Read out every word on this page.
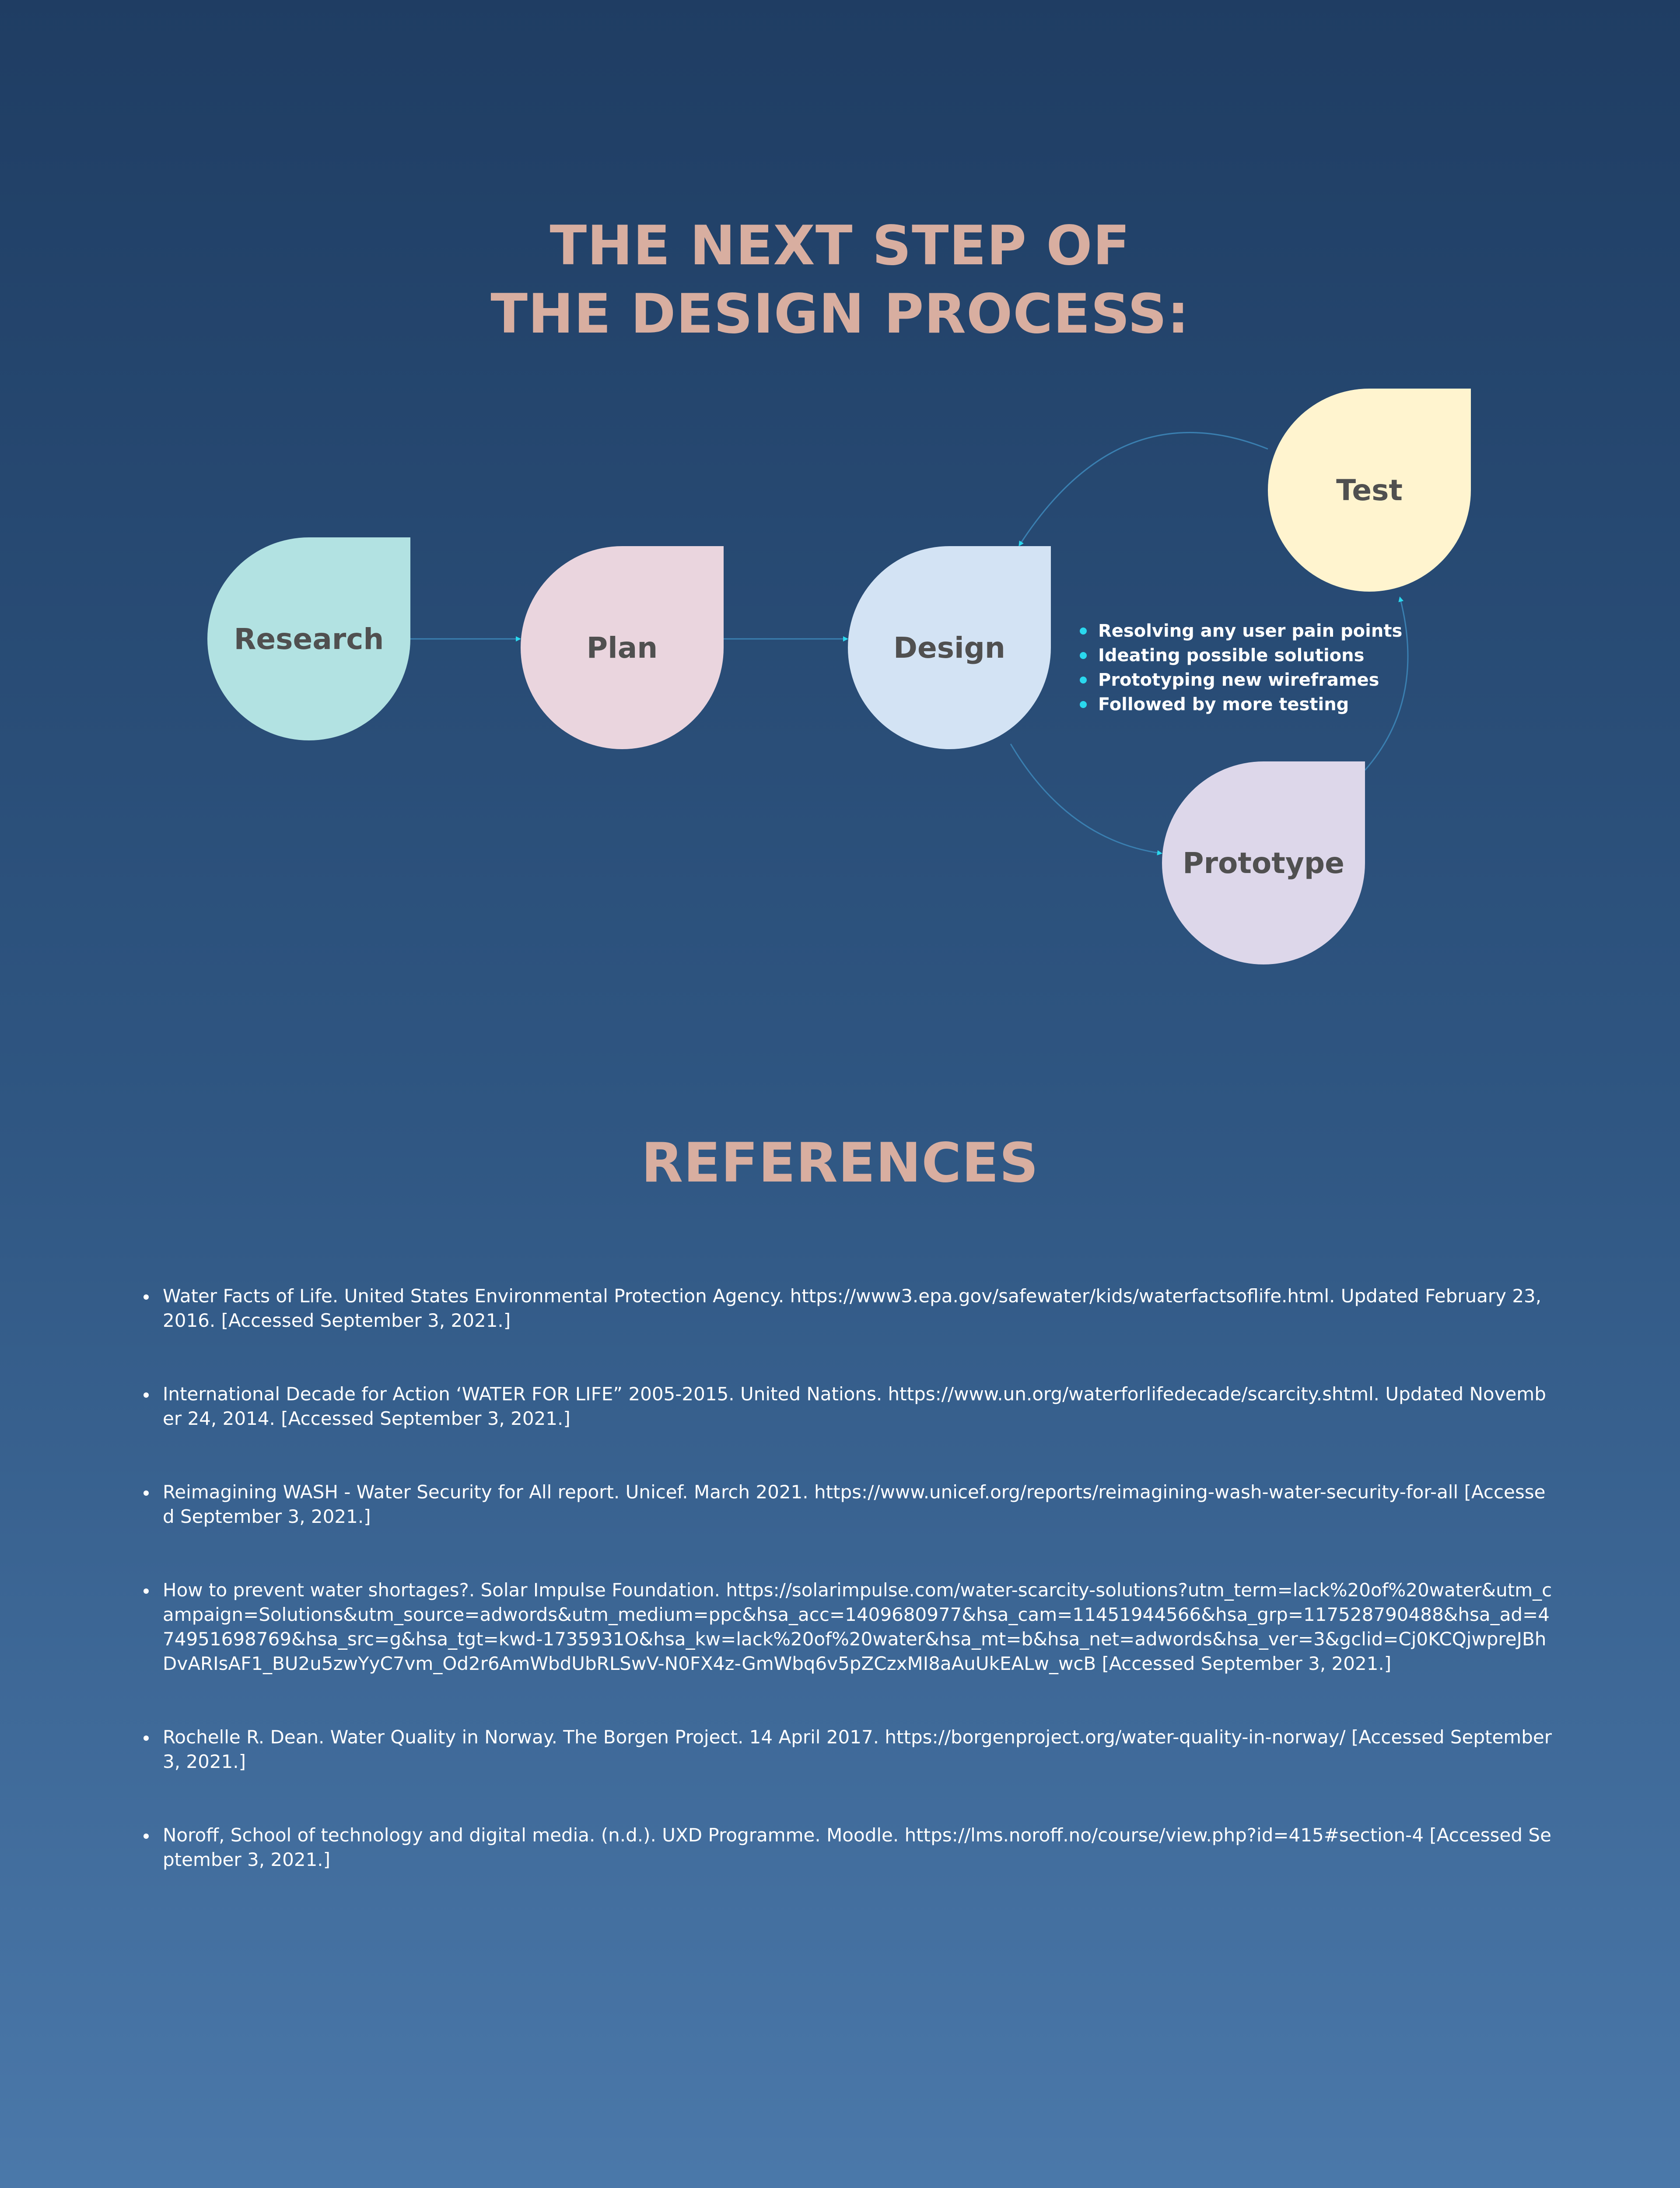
THE NEXT STEP OF
THE DESIGN PROCESS:
Research	Plan	Design
Test
Prototype
Resolving any user pain points
Ideating possible solutions
Prototyping new wireframes
Followed by more testing
REFERENCES
Water Facts of Life. United States Environmental Protection Agency. https://www3.epa.gov/safewater/kids/waterfactsoflife.html. Updated February 23, 2016. [Accessed September 3, 2021.]
International Decade for Action ‘WATER FOR LIFE” 2005-2015. United Nations. https://www.un.org/waterforlifedecade/scarcity.shtml. Updated November 24, 2014. [Accessed September 3, 2021.]
Reimagining WASH - Water Security for All report. Unicef. March 2021. https://www.unicef.org/reports/reimagining-wash-water-security-for-all [Accessed September 3, 2021.]
How to prevent water shortages?. Solar Impulse Foundation. https://solarimpulse.com/water-scarcity-solutions?utm_term=lack%20of%20water&utm_campaign=Solutions&utm_source=adwords&utm_medium=ppc&hsa_acc=1409680977&hsa_cam=11451944566&hsa_grp=117528790488&hsa_ad=474951698769&hsa_src=g&hsa_tgt=kwd-1735931O&hsa_kw=lack%20of%20water&hsa_mt=b&hsa_net=adwords&hsa_ver=3&gclid=Cj0KCQjwpreJBhDvARIsAF1_BU2u5zwYyC7vm_Od2r6AmWbdUbRLSwV-N0FX4z-GmWbq6v5pZCzxMI8aAuUkEALw_wcB [Accessed September 3, 2021.]
Rochelle R. Dean. Water Quality in Norway. The Borgen Project. 14 April 2017. https://borgenproject.org/water-quality-in-norway/ [Accessed September 3, 2021.]
Noroff, School of technology and digital media. (n.d.). UXD Programme. Moodle. https://lms.noroff.no/course/view.php?id=415#section-4 [Accessed September 3, 2021.]
